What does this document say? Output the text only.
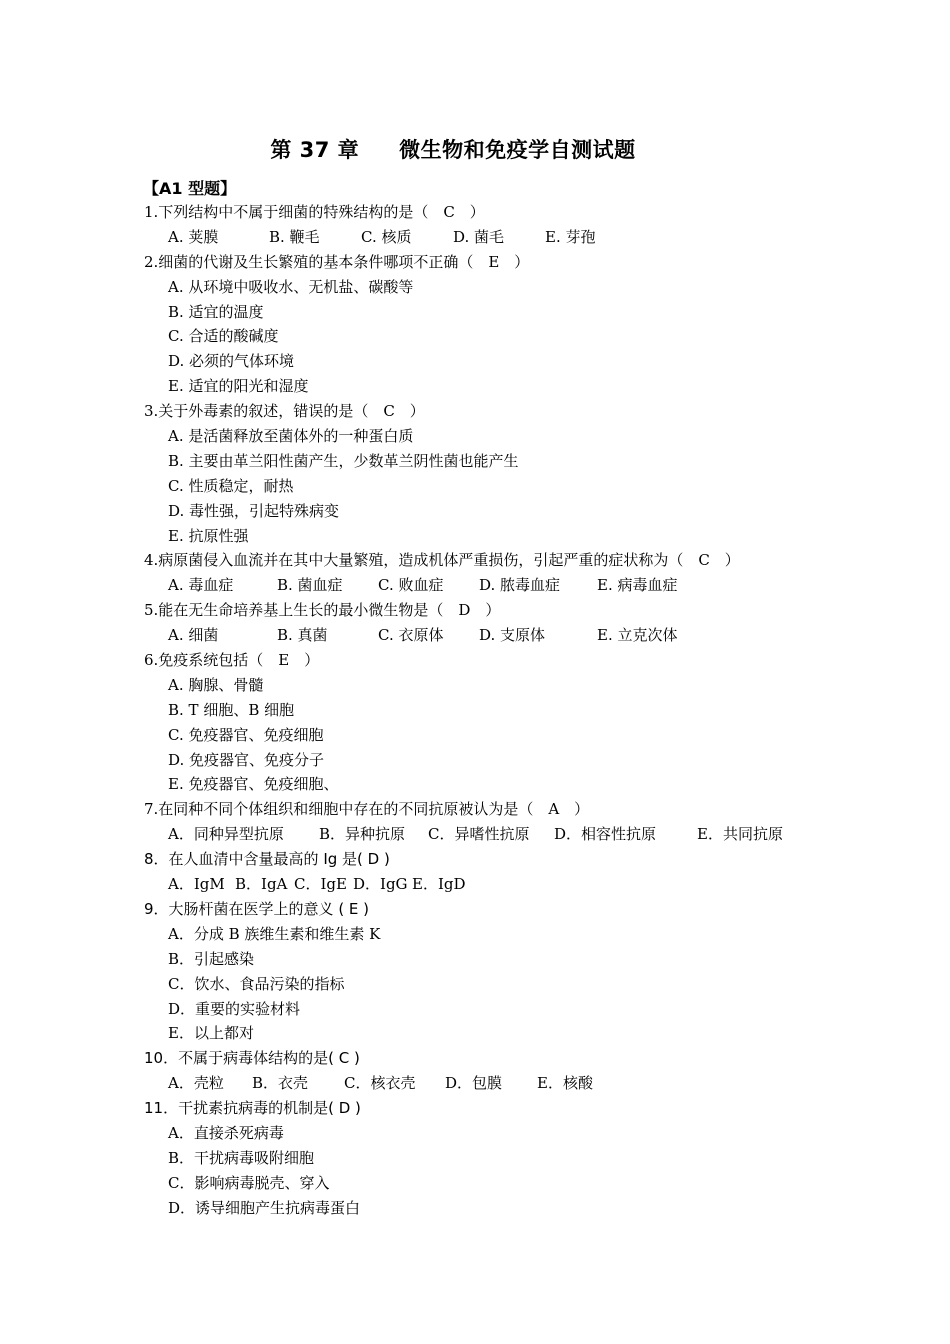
第 37 章 微生物和免疫学自测试题
【A1 型题】
1.下列结构中不属于细菌的特殊结构的是（　C　）
A. 荚膜	B. 鞭毛	C. 核质	D. 菌毛	E. 芽孢
2.细菌的代谢及生长繁殖的基本条件哪项不正确（　E　）
A. 从环境中吸收水、无机盐、碳酸等
B. 适宜的温度
C. 合适的酸碱度
D. 必须的气体环境
E. 适宜的阳光和湿度
3.关于外毒素的叙述，错误的是（　C　）
A. 是活菌释放至菌体外的一种蛋白质
B. 主要由革兰阳性菌产生，少数革兰阴性菌也能产生
C. 性质稳定，耐热
D. 毒性强，引起特殊病变
E. 抗原性强
4.病原菌侵入血流并在其中大量繁殖，造成机体严重损伤，引起严重的症状称为（　C　）
A. 毒血症	B. 菌血症	C. 败血症	D. 脓毒血症	E. 病毒血症
5.能在无生命培养基上生长的最小微生物是（　D　）
A. 细菌	B. 真菌	C. 衣原体	D. 支原体	E. 立克次体
6.免疫系统包括（　E　）
A. 胸腺、骨髓
B. T 细胞、B 细胞
C. 免疫器官、免疫细胞
D. 免疫器官、免疫分子
E. 免疫器官、免疫细胞、
7.在同种不同个体组织和细胞中存在的不同抗原被认为是（　A　）
A．同种异型抗原	B．异种抗原	C．异嗜性抗原	D．相容性抗原	E．共同抗原
8．在人血清中含量最高的 Ig 是( D )
A．IgM B．IgA C．IgE D．IgG E．IgD
9．大肠杆菌在医学上的意义 ( E )
A．分成 B 族维生素和维生素 K
B．引起感染
C．饮水、食品污染的指标
D．重要的实验材料
E．以上都对
10．不属于病毒体结构的是( C )
A．壳粒	B．衣壳	C．核衣壳	D．包膜	E．核酸
11．干扰素抗病毒的机制是( D )
A．直接杀死病毒
B．干扰病毒吸附细胞
C．影响病毒脱壳、穿入
D．诱导细胞产生抗病毒蛋白
